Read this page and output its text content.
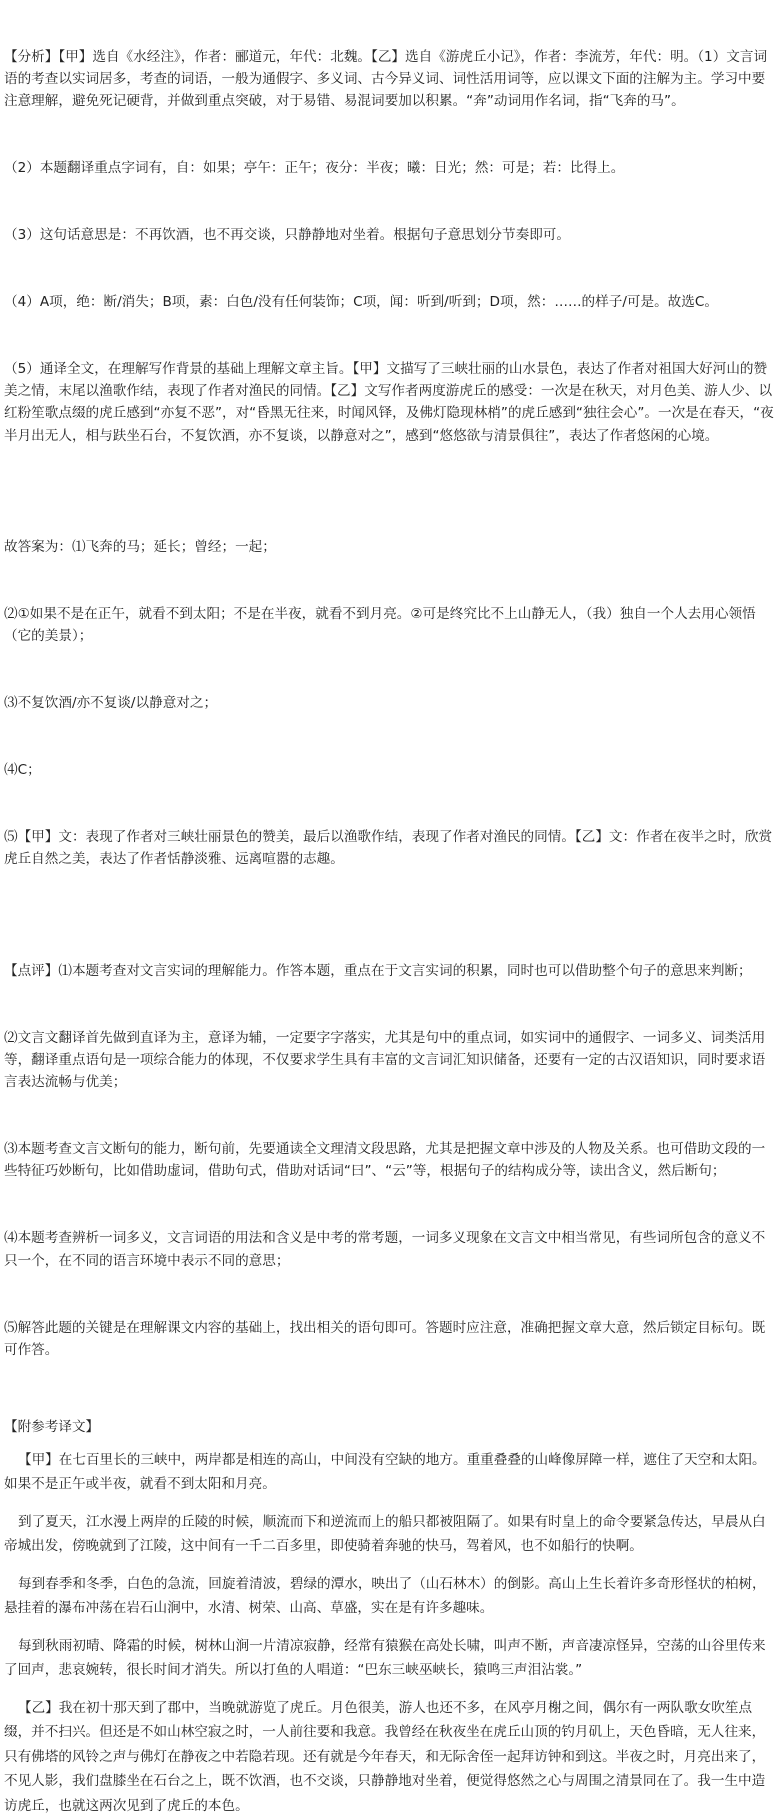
【分析】【甲】选自《水经注》，作者：郦道元，年代：北魏。【乙】选自《游虎丘小记》，作者：李流芳，年代：明。（1）文言词语的考查以实词居多，考查的词语，一般为通假字、多义词、古今异义词、词性活用词等，应以课文下面的注解为主。学习中要注意理解，避免死记硬背，并做到重点突破，对于易错、易混词要加以积累。“奔”动词用作名词，指“飞奔的马”。

（2）本题翻译重点字词有，自：如果；亭午：正午；夜分：半夜；曦：日光；然：可是；若：比得上。

（3）这句话意思是：不再饮酒，也不再交谈，只静静地对坐着。根据句子意思划分节奏即可。

（4）A项，绝：断/消失；B项，素：白色/没有任何装饰；C项，闻：听到/听到；D项，然：……的样子/可是。故选C。

（5）通译全文，在理解写作背景的基础上理解文章主旨。【甲】文描写了三峡壮丽的山水景色，表达了作者对祖国大好河山的赞美之情，末尾以渔歌作结，表现了作者对渔民的同情。【乙】文写作者两度游虎丘的感受：一次是在秋天，对月色美、游人少、以红粉笙歌点缀的虎丘感到“亦复不恶”，对“昏黑无往来，时闻风铎，及佛灯隐现林梢”的虎丘感到“独往会心”。一次是在春天，“夜半月出无人，相与趺坐石台，不复饮酒，亦不复谈，以静意对之”，感到“悠悠欲与清景俱往”，表达了作者悠闲的心境。

故答案为：⑴飞奔的马；延长；曾经；一起；

⑵①如果不是在正午，就看不到太阳；不是在半夜，就看不到月亮。②可是终究比不上山静无人，（我）独自一个人去用心领悟（它的美景）；

⑶不复饮酒/亦不复谈/以静意对之；

⑷C；

⑸【甲】文：表现了作者对三峡壮丽景色的赞美，最后以渔歌作结，表现了作者对渔民的同情。【乙】文：作者在夜半之时，欣赏虎丘自然之美，表达了作者恬静淡雅、远离喧嚣的志趣。

【点评】⑴本题考查对文言实词的理解能力。作答本题，重点在于文言实词的积累，同时也可以借助整个句子的意思来判断；

⑵文言文翻译首先做到直译为主，意译为辅，一定要字字落实，尤其是句中的重点词，如实词中的通假字、一词多义、词类活用等，翻译重点语句是一项综合能力的体现，不仅要求学生具有丰富的文言词汇知识储备，还要有一定的古汉语知识，同时要求语言表达流畅与优美；

⑶本题考查文言文断句的能力，断句前，先要通读全文理清文段思路，尤其是把握文章中涉及的人物及关系。也可借助文段的一些特征巧妙断句，比如借助虚词，借助句式，借助对话词“曰”、“云”等，根据句子的结构成分等，读出含义，然后断句；

⑷本题考查辨析一词多义，文言词语的用法和含义是中考的常考题，一词多义现象在文言文中相当常见，有些词所包含的意义不只一个，在不同的语言环境中表示不同的意思；

⑸解答此题的关键是在理解课文内容的基础上，找出相关的语句即可。答题时应注意，准确把握文章大意，然后锁定目标句。既可作答。

【附参考译文】

【甲】在七百里长的三峡中，两岸都是相连的高山，中间没有空缺的地方。重重叠叠的山峰像屏障一样，遮住了天空和太阳。如果不是正午或半夜，就看不到太阳和月亮。

到了夏天，江水漫上两岸的丘陵的时候，顺流而下和逆流而上的船只都被阻隔了。如果有时皇上的命令要紧急传达，早晨从白帝城出发，傍晚就到了江陵，这中间有一千二百多里，即使骑着奔驰的快马，驾着风，也不如船行的快啊。

每到春季和冬季，白色的急流，回旋着清波，碧绿的潭水，映出了（山石林木）的倒影。高山上生长着许多奇形怪状的柏树，悬挂着的瀑布冲荡在岩石山涧中，水清、树荣、山高、草盛，实在是有许多趣味。

每到秋雨初晴、降霜的时候，树林山涧一片清凉寂静，经常有猿猴在高处长啸，叫声不断，声音凄凉怪异，空荡的山谷里传来了回声，悲哀婉转，很长时间才消失。所以打鱼的人唱道：“巴东三峡巫峡长，猿鸣三声泪沾裳。”

【乙】我在初十那天到了郡中，当晚就游览了虎丘。月色很美，游人也还不多，在风亭月榭之间，偶尔有一两队歌女吹笙点缀，并不扫兴。但还是不如山林空寂之时，一人前往要和我意。我曾经在秋夜坐在虎丘山顶的钓月矶上，天色昏暗，无人往来，只有佛塔的风铃之声与佛灯在静夜之中若隐若现。还有就是今年春天，和无际舍侄一起拜访钟和到这。半夜之时，月亮出来了，不见人影，我们盘膝坐在石台之上，既不饮酒，也不交谈，只静静地对坐着，便觉得悠然之心与周围之清景同在了。我一生中造访虎丘，也就这两次见到了虎丘的本色。
